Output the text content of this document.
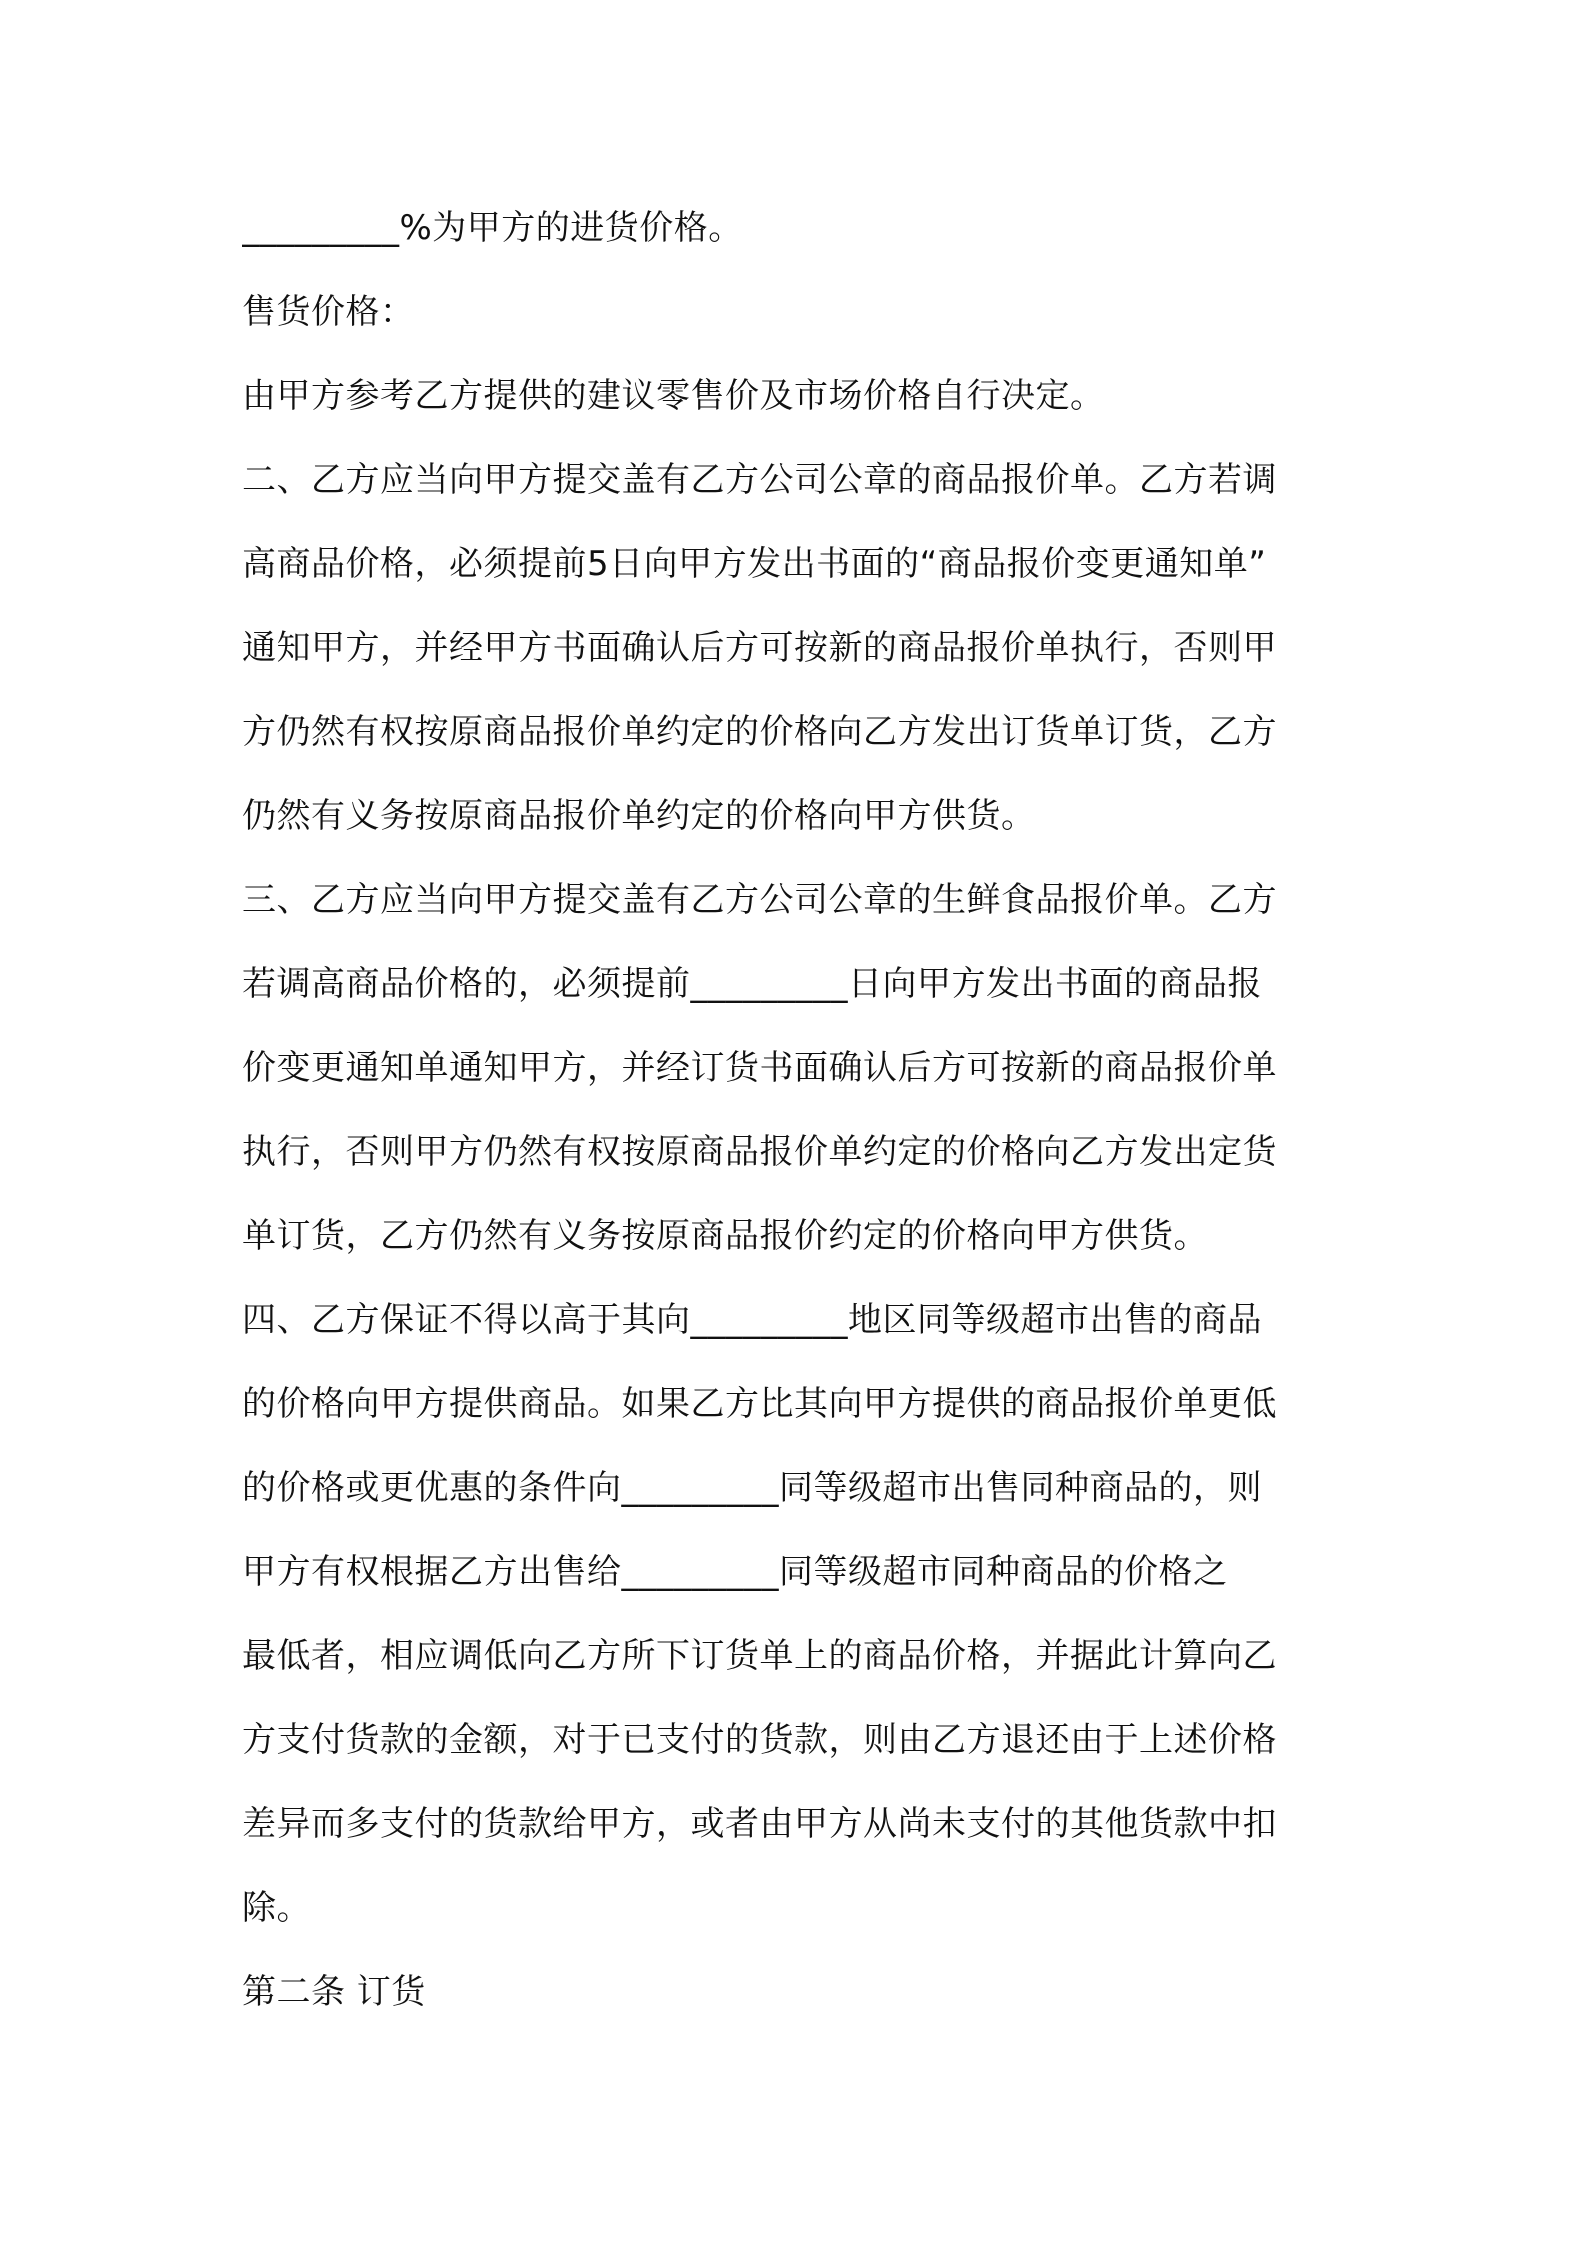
_________%为甲方的进货价格。
售货价格：
由甲方参考乙方提供的建议零售价及市场价格自行决定。
二、乙方应当向甲方提交盖有乙方公司公章的商品报价单。乙方若调
高商品价格，必须提前5日向甲方发出书面的“商品报价变更通知单”
通知甲方，并经甲方书面确认后方可按新的商品报价单执行，否则甲
方仍然有权按原商品报价单约定的价格向乙方发出订货单订货，乙方
仍然有义务按原商品报价单约定的价格向甲方供货。
三、乙方应当向甲方提交盖有乙方公司公章的生鲜食品报价单。乙方
若调高商品价格的，必须提前_________日向甲方发出书面的商品报
价变更通知单通知甲方，并经订货书面确认后方可按新的商品报价单
执行，否则甲方仍然有权按原商品报价单约定的价格向乙方发出定货
单订货，乙方仍然有义务按原商品报价约定的价格向甲方供货。
四、乙方保证不得以高于其向_________地区同等级超市出售的商品
的价格向甲方提供商品。如果乙方比其向甲方提供的商品报价单更低
的价格或更优惠的条件向_________同等级超市出售同种商品的，则
甲方有权根据乙方出售给_________同等级超市同种商品的价格之
最低者，相应调低向乙方所下订货单上的商品价格，并据此计算向乙
方支付货款的金额，对于已支付的货款，则由乙方退还由于上述价格
差异而多支付的货款给甲方，或者由甲方从尚未支付的其他货款中扣
除。
第二条 订货
